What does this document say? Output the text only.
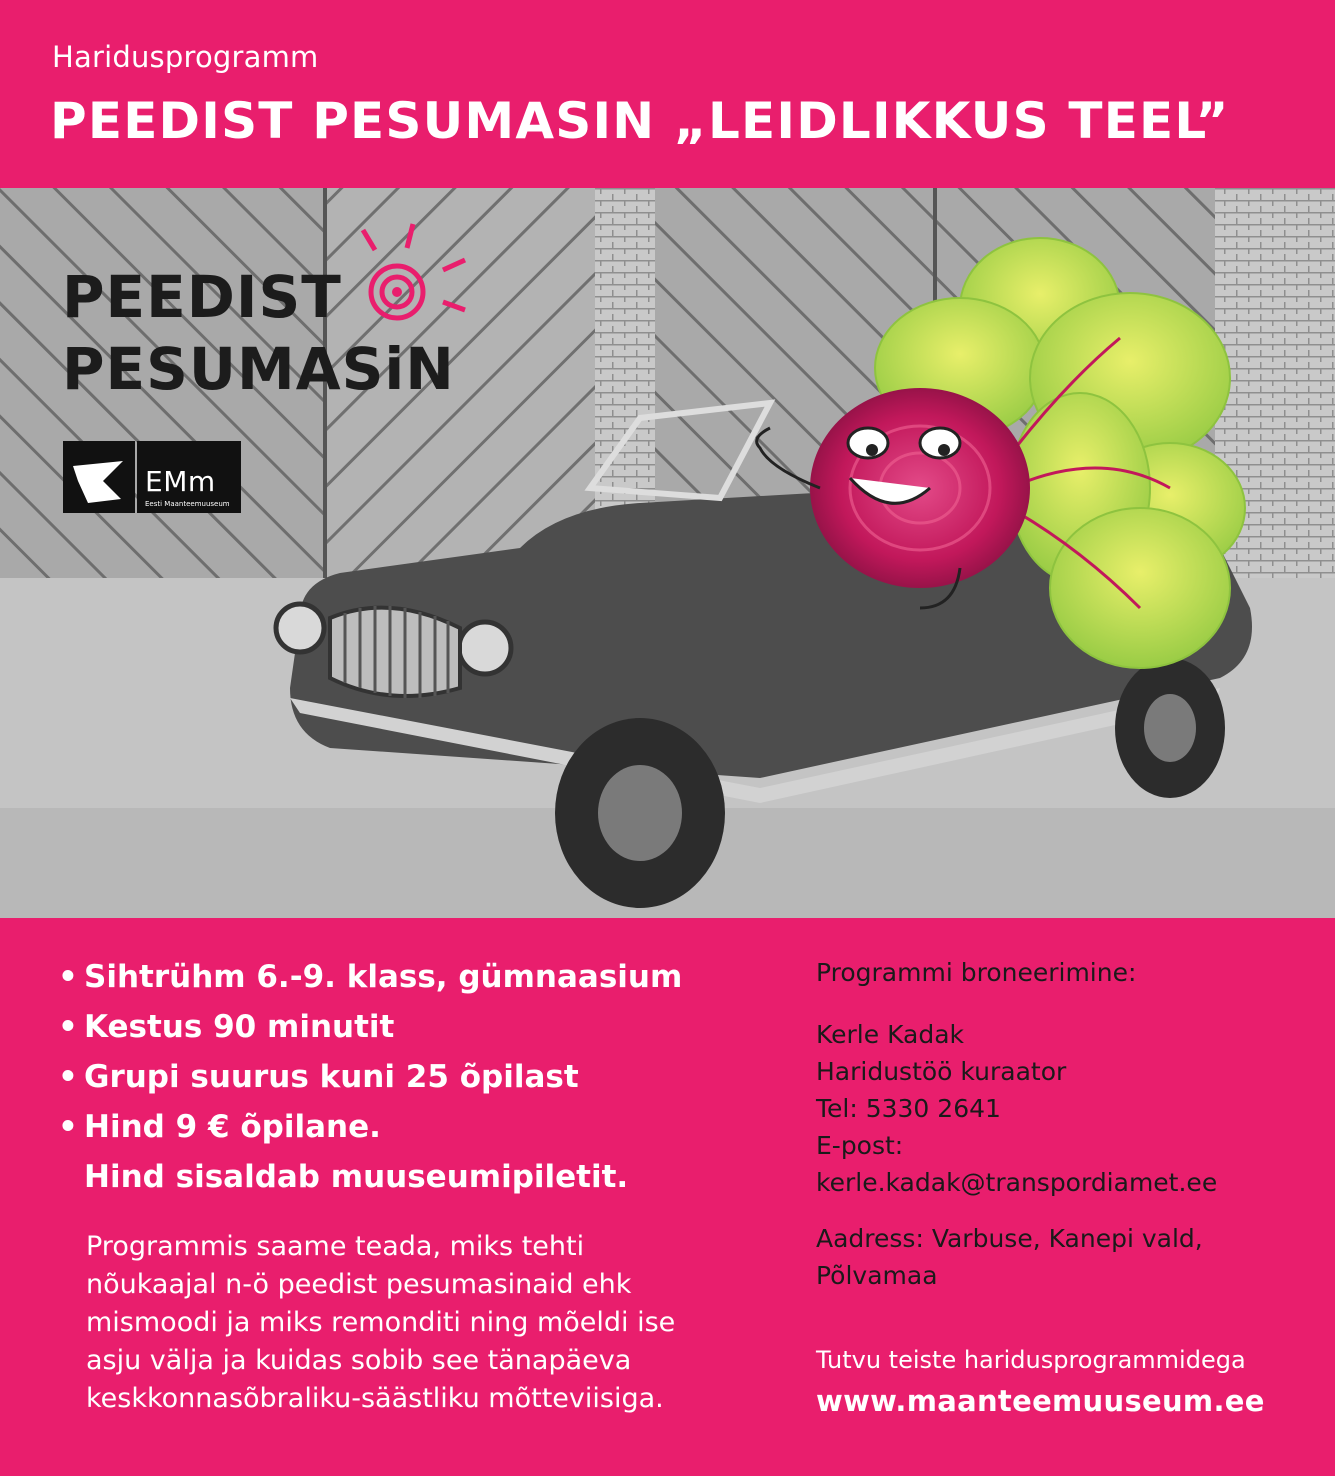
Haridusprogramm
PEEDIST PESUMASIN „LEIDLIKKUS TEEL”
PEEDIST
PESUMASiN
EMm
Eesti Maanteemuuseum
• Sihtrühm 6.-9. klass, gümnaasium
• Kestus 90 minutit
• Grupi suurus kuni 25 õpilast
• Hind 9 € õpilane.
Hind sisaldab muuseumipiletit.
Programmis saame teada, miks tehti
nõukaajal n-ö peedist pesumasinaid ehk
mismoodi ja miks remonditi ning mõeldi ise
asju välja ja kuidas sobib see tänapäeva
keskkonnasõbraliku-säästliku mõtteviisiga.
Programmi broneerimine:
Kerle Kadak
Haridustöö kuraator
Tel: 5330 2641
E-post:
kerle.kadak@transpordiamet.ee
Aadress: Varbuse, Kanepi vald,
Põlvamaa
Tutvu teiste haridusprogrammidega
www.maanteemuuseum.ee
